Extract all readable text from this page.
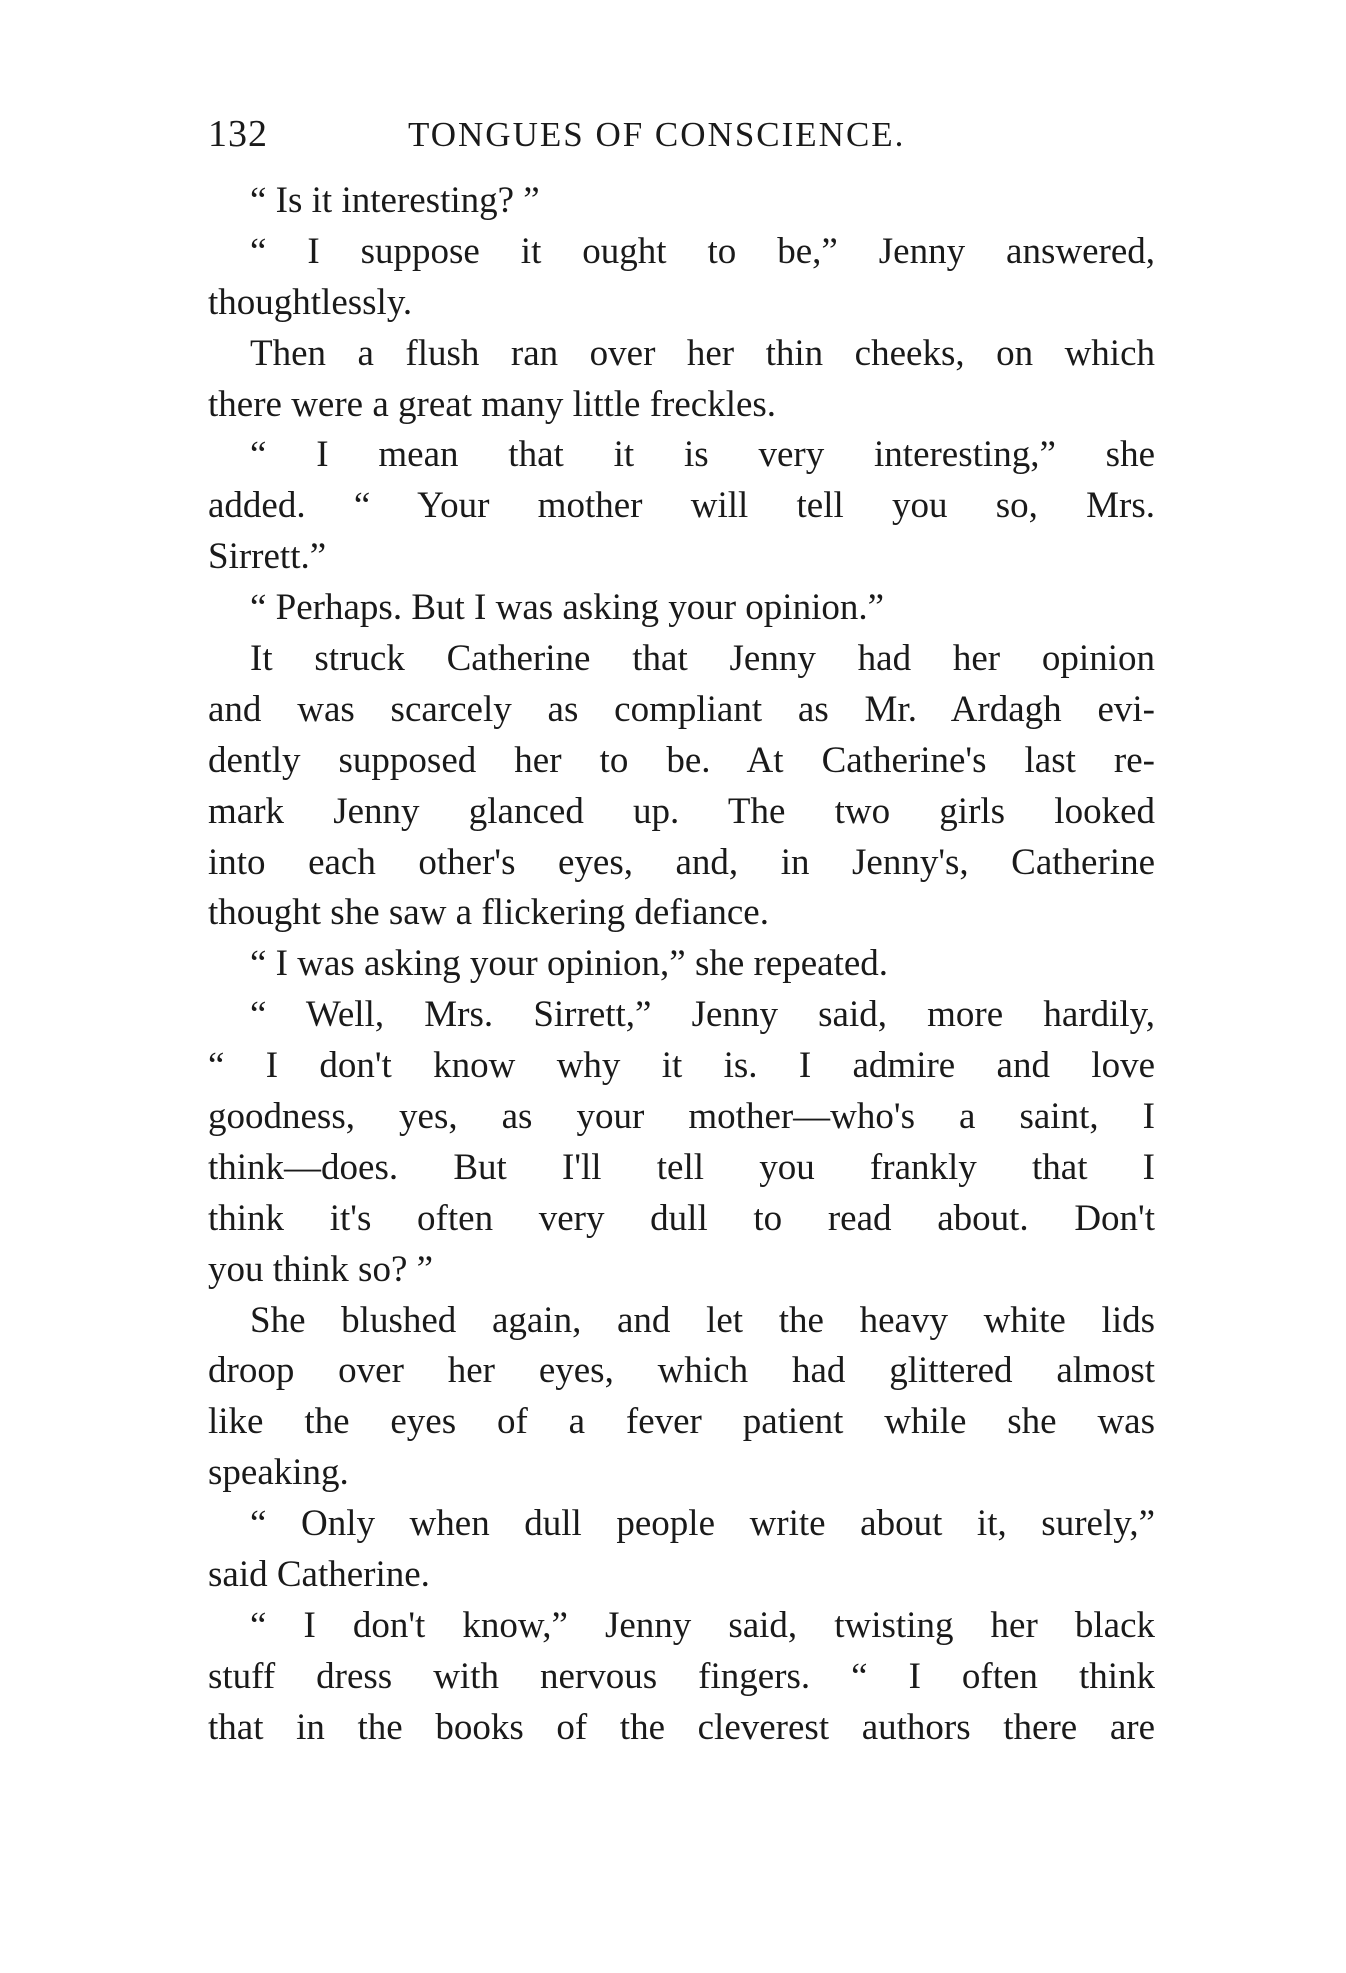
132	TONGUES OF CONSCIENCE.
“ Is it interesting? ”
“ I suppose it ought to be,” Jenny answered,
thoughtlessly.
Then a flush ran over her thin cheeks, on which
there were a great many little freckles.
“ I mean that it is very interesting,” she
added. “ Your mother will tell you so, Mrs.
Sirrett.”
“ Perhaps. But I was asking your opinion.”
It struck Catherine that Jenny had her opinion
and was scarcely as compliant as Mr. Ardagh evi-
dently supposed her to be. At Catherine's last re-
mark Jenny glanced up. The two girls looked
into each other's eyes, and, in Jenny's, Catherine
thought she saw a flickering defiance.
“ I was asking your opinion,” she repeated.
“ Well, Mrs. Sirrett,” Jenny said, more hardily,
“ I don't know why it is. I admire and love
goodness, yes, as your mother—who's a saint, I
think—does. But I'll tell you frankly that I
think it's often very dull to read about. Don't
you think so? ”
She blushed again, and let the heavy white lids
droop over her eyes, which had glittered almost
like the eyes of a fever patient while she was
speaking.
“ Only when dull people write about it, surely,”
said Catherine.
“ I don't know,” Jenny said, twisting her black
stuff dress with nervous fingers. “ I often think
that in the books of the cleverest authors there are
